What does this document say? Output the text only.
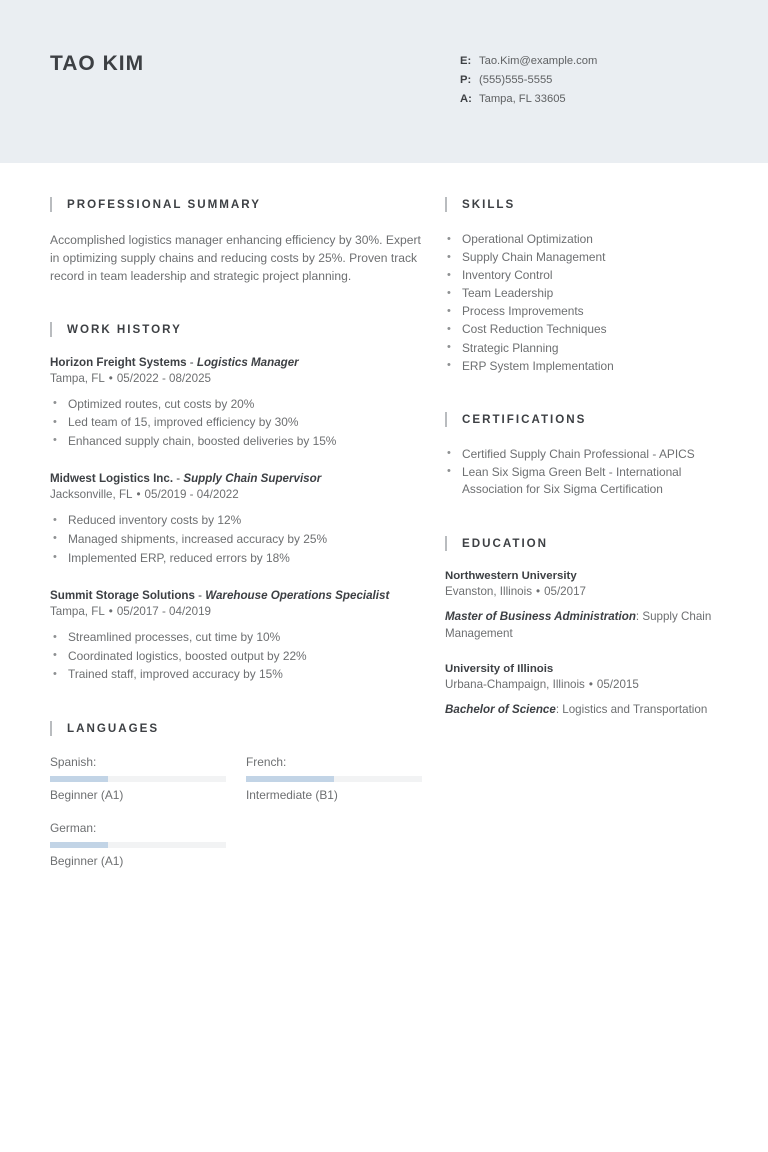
TAO KIM	E: Tao.Kim@example.com
P: (555)555-5555
A: Tampa, FL 33605
PROFESSIONAL SUMMARY
Accomplished logistics manager enhancing efficiency by 30%. Expert in optimizing supply chains and reducing costs by 25%. Proven track record in team leadership and strategic project planning.
WORK HISTORY
Horizon Freight Systems - Logistics Manager
Tampa, FL • 05/2022 - 08/2025
• Optimized routes, cut costs by 20%
• Led team of 15, improved efficiency by 30%
• Enhanced supply chain, boosted deliveries by 15%
Midwest Logistics Inc. - Supply Chain Supervisor
Jacksonville, FL • 05/2019 - 04/2022
• Reduced inventory costs by 12%
• Managed shipments, increased accuracy by 25%
• Implemented ERP, reduced errors by 18%
Summit Storage Solutions - Warehouse Operations Specialist
Tampa, FL • 05/2017 - 04/2019
• Streamlined processes, cut time by 10%
• Coordinated logistics, boosted output by 22%
• Trained staff, improved accuracy by 15%
LANGUAGES
Spanish:
Beginner (A1)
French:
Intermediate (B1)
German:
Beginner (A1)
SKILLS
• Operational Optimization
• Supply Chain Management
• Inventory Control
• Team Leadership
• Process Improvements
• Cost Reduction Techniques
• Strategic Planning
• ERP System Implementation
CERTIFICATIONS
• Certified Supply Chain Professional - APICS
• Lean Six Sigma Green Belt - International Association for Six Sigma Certification
EDUCATION
Northwestern University
Evanston, Illinois • 05/2017
Master of Business Administration: Supply Chain Management
University of Illinois
Urbana-Champaign, Illinois • 05/2015
Bachelor of Science: Logistics and Transportation
